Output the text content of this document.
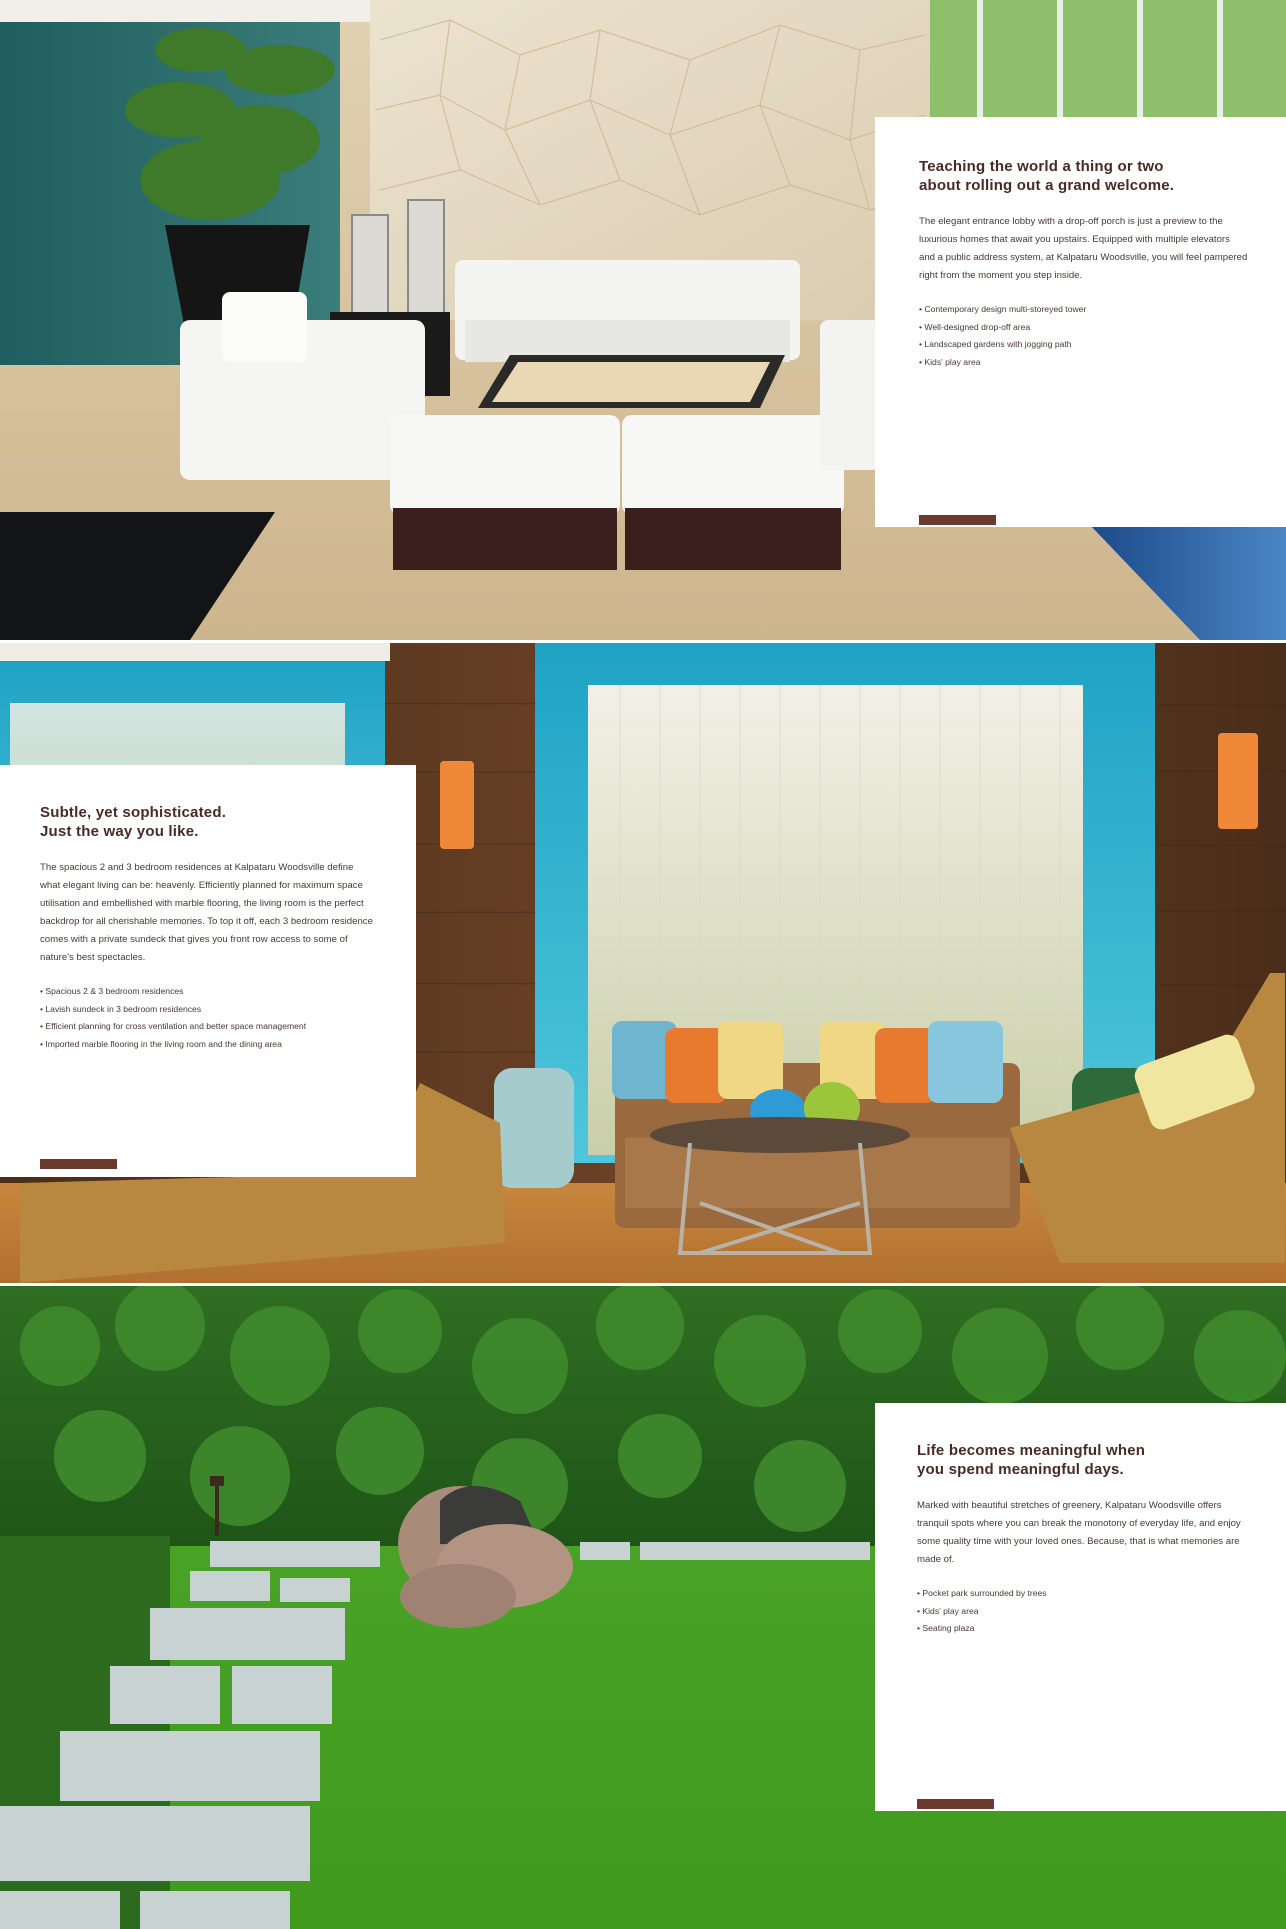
Teaching the world a thing or two
about rolling out a grand welcome.

The elegant entrance lobby with a drop-off porch is just a preview to the luxurious homes that await you upstairs. Equipped with multiple elevators and a public address system, at Kalpataru Woodsville, you will feel pampered right from the moment you step inside.

• Contemporary design multi-storeyed tower
• Well-designed drop-off area
• Landscaped gardens with jogging path
• Kids' play area
Subtle, yet sophisticated.
Just the way you like.

The spacious 2 and 3 bedroom residences at Kalpataru Woodsville define what elegant living can be: heavenly. Efficiently planned for maximum space utilisation and embellished with marble flooring, the living room is the perfect backdrop for all cherishable memories. To top it off, each 3 bedroom residence comes with a private sundeck that gives you front row access to some of nature's best spectacles.

• Spacious 2 & 3 bedroom residences
• Lavish sundeck in 3 bedroom residences
• Efficient planning for cross ventilation and better space management
• Imported marble flooring in the living room and the dining area
Life becomes meaningful when
you spend meaningful days.

Marked with beautiful stretches of greenery, Kalpataru Woodsville offers tranquil spots where you can break the monotony of everyday life, and enjoy some quality time with your loved ones. Because, that is what memories are made of.

• Pocket park surrounded by trees
• Kids' play area
• Seating plaza
